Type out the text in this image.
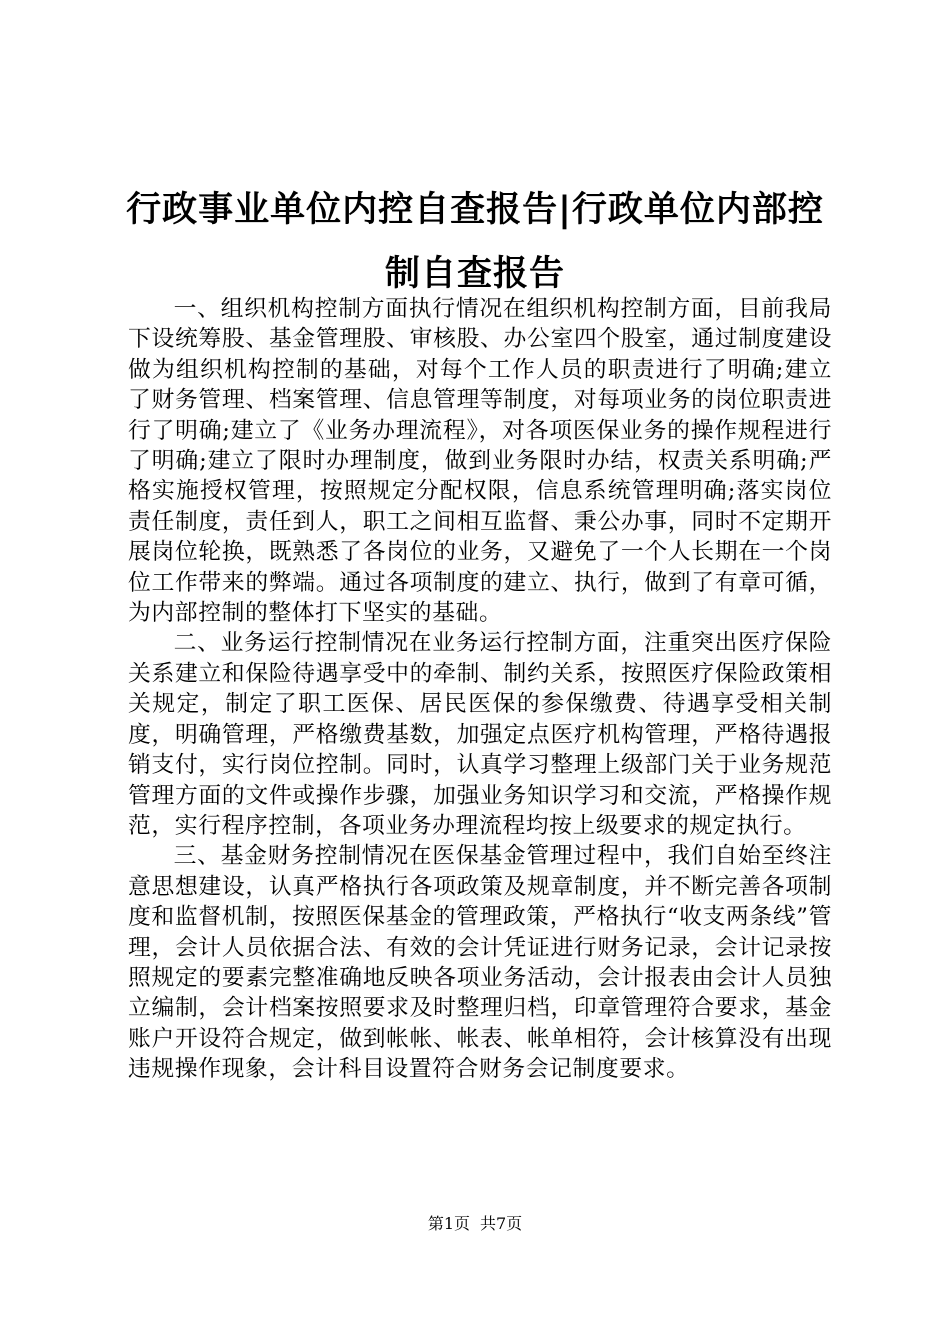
行政事业单位内控自查报告|行政单位内部控制自查报告

一、组织机构控制方面执行情况在组织机构控制方面，目前我局下设统筹股、基金管理股、审核股、办公室四个股室，通过制度建设做为组织机构控制的基础，对每个工作人员的职责进行了明确;建立了财务管理、档案管理、信息管理等制度，对每项业务的岗位职责进行了明确;建立了《业务办理流程》，对各项医保业务的操作规程进行了明确;建立了限时办理制度，做到业务限时办结，权责关系明确;严格实施授权管理，按照规定分配权限，信息系统管理明确;落实岗位责任制度，责任到人，职工之间相互监督、秉公办事，同时不定期开展岗位轮换，既熟悉了各岗位的业务，又避免了一个人长期在一个岗位工作带来的弊端。通过各项制度的建立、执行，做到了有章可循，为内部控制的整体打下坚实的基础。

二、业务运行控制情况在业务运行控制方面，注重突出医疗保险关系建立和保险待遇享受中的牵制、制约关系，按照医疗保险政策相关规定，制定了职工医保、居民医保的参保缴费、待遇享受相关制度，明确管理，严格缴费基数，加强定点医疗机构管理，严格待遇报销支付，实行岗位控制。同时，认真学习整理上级部门关于业务规范管理方面的文件或操作步骤，加强业务知识学习和交流，严格操作规范，实行程序控制，各项业务办理流程均按上级要求的规定执行。

三、基金财务控制情况在医保基金管理过程中，我们自始至终注意思想建设，认真严格执行各项政策及规章制度，并不断完善各项制度和监督机制，按照医保基金的管理政策，严格执行“收支两条线”管理，会计人员依据合法、有效的会计凭证进行财务记录，会计记录按照规定的要素完整准确地反映各项业务活动，会计报表由会计人员独立编制，会计档案按照要求及时整理归档，印章管理符合要求，基金账户开设符合规定，做到帐帐、帐表、帐单相符，会计核算没有出现违规操作现象，会计科目设置符合财务会记制度要求。

第1页 共7页
